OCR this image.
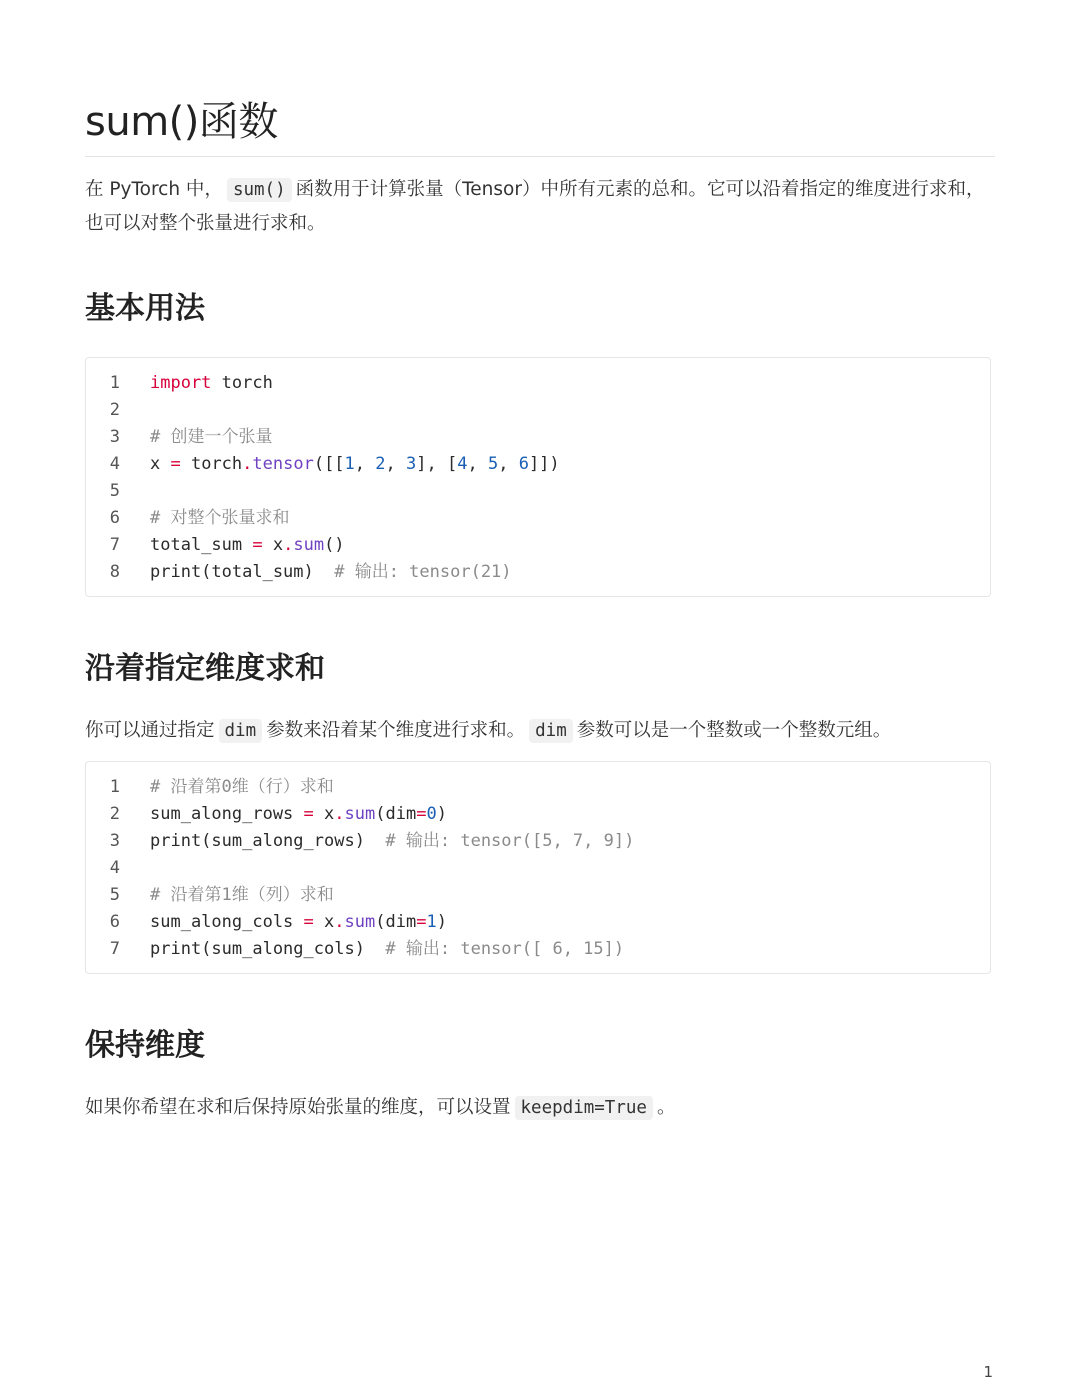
sum()函数

在 PyTorch 中， sum() 函数用于计算张量（Tensor）中所有元素的总和。它可以沿着指定的维度进行求和，也可以对整个张量进行求和。

基本用法
1	import torch
2
3	# 创建一个张量
4	x = torch.tensor([[1, 2, 3], [4, 5, 6]])
5
6	# 对整个张量求和
7	total_sum = x.sum()
8	print(total_sum)  # 输出: tensor(21)
沿着指定维度求和

你可以通过指定 dim 参数来沿着某个维度进行求和。 dim 参数可以是一个整数或一个整数元组。

1	# 沿着第0维（行）求和
2	sum_along_rows = x.sum(dim=0)
3	print(sum_along_rows)  # 输出: tensor([5, 7, 9])
4
5	# 沿着第1维（列）求和
6	sum_along_cols = x.sum(dim=1)
7	print(sum_along_cols)  # 输出: tensor([ 6, 15])
保持维度

如果你希望在求和后保持原始张量的维度，可以设置 keepdim=True 。

1
